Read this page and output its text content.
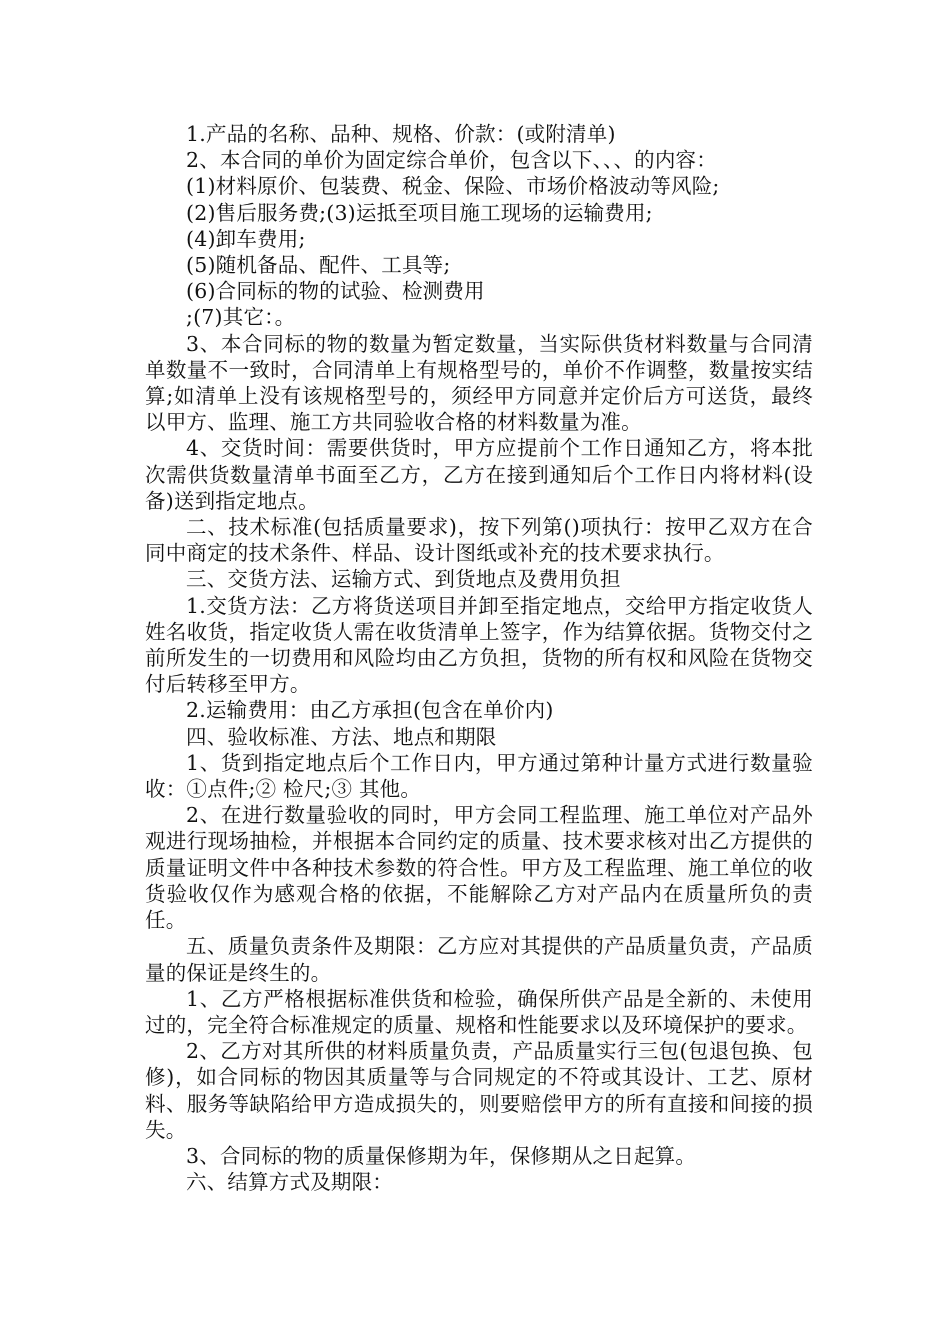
1.产品的名称、品种、规格、价款：(或附清单)

2、本合同的单价为固定综合单价，包含以下、、、的内容：

(1)材料原价、包装费、税金、保险、市场价格波动等风险;

(2)售后服务费;(3)运抵至项目施工现场的运输费用;

(4)卸车费用;

(5)随机备品、配件、工具等;

(6)合同标的物的试验、检测费用

;(7)其它：。

3、本合同标的物的数量为暂定数量，当实际供货材料数量与合同清单数量不一致时，合同清单上有规格型号的，单价不作调整，数量按实结算;如清单上没有该规格型号的，须经甲方同意并定价后方可送货，最终以甲方、监理、施工方共同验收合格的材料数量为准。

4、交货时间：需要供货时，甲方应提前个工作日通知乙方，将本批次需供货数量清单书面至乙方，乙方在接到通知后个工作日内将材料(设备)送到指定地点。

二、技术标准(包括质量要求)，按下列第()项执行：按甲乙双方在合同中商定的技术条件、样品、设计图纸或补充的技术要求执行。

三、交货方法、运输方式、到货地点及费用负担

1.交货方法：乙方将货送项目并卸至指定地点，交给甲方指定收货人姓名收货，指定收货人需在收货清单上签字，作为结算依据。货物交付之前所发生的一切费用和风险均由乙方负担，货物的所有权和风险在货物交付后转移至甲方。

2.运输费用：由乙方承担(包含在单价内)

四、验收标准、方法、地点和期限

1、货到指定地点后个工作日内，甲方通过第种计量方式进行数量验收：①点件;② 检尺;③ 其他。

2、在进行数量验收的同时，甲方会同工程监理、施工单位对产品外观进行现场抽检，并根据本合同约定的质量、技术要求核对出乙方提供的质量证明文件中各种技术参数的符合性。甲方及工程监理、施工单位的收货验收仅作为感观合格的依据，不能解除乙方对产品内在质量所负的责任。

五、质量负责条件及期限：乙方应对其提供的产品质量负责，产品质量的保证是终生的。

1、乙方严格根据标准供货和检验，确保所供产品是全新的、未使用过的，完全符合标准规定的质量、规格和性能要求以及环境保护的要求。

2、乙方对其所供的材料质量负责，产品质量实行三包(包退包换、包修)，如合同标的物因其质量等与合同规定的不符或其设计、工艺、原材料、服务等缺陷给甲方造成损失的，则要赔偿甲方的所有直接和间接的损失。

3、合同标的物的质量保修期为年，保修期从之日起算。

六、结算方式及期限：
